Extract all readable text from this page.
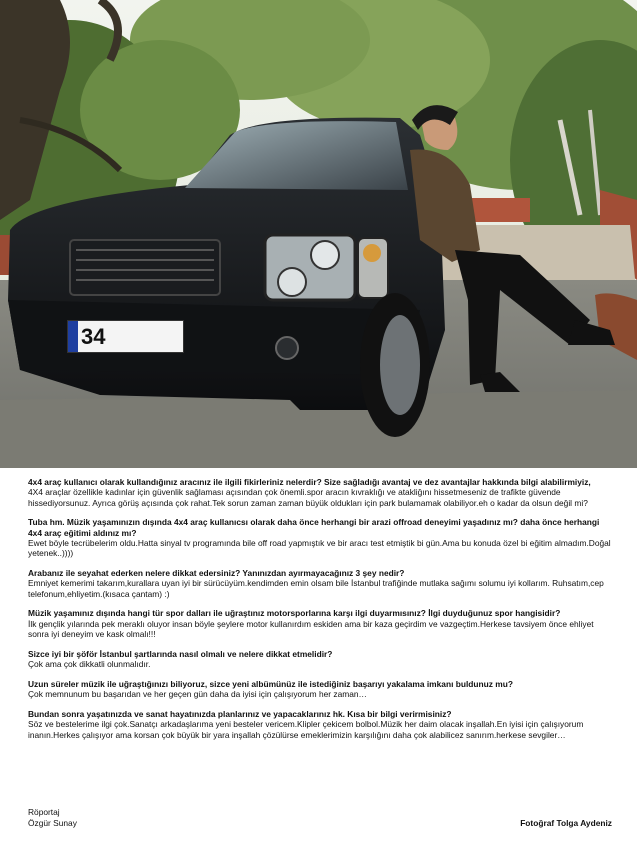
34

4x4 araç kullanıcı olarak kullandığınız aracınız ile ilgili fikirleriniz nelerdir? Size sağladığı avantaj ve dez avantajlar hakkında bilgi alabilirmiyiz,

4X4 araçlar özellikle kadınlar için güvenlik sağlaması açısından çok önemli.spor aracın kıvraklığı ve atakliğını hissetmeseniz de trafikte güvende hissediyorsunuz. Ayrıca görüş açısında çok rahat.Tek sorun zaman zaman büyük oldukları için park bulamamak olabiliyor.eh o kadar da olsun değil mi?

Tuba hm. Müzik yaşamınızın dışında 4x4 araç kullanıcsı olarak daha önce herhangi bir arazi offroad deneyimi yaşadınız mı? daha önce herhangi 4x4 araç eğitimi aldınız mı?

Ewet böyle tecrübelerim oldu.Hatta sinyal tv programında bile off road yapmıştık ve bir aracı test etmiştik bi gün.Ama bu konuda özel bi eğitim almadım.Doğal yetenek..))))

Arabanız ile seyahat ederken nelere dikkat edersiniz? Yanınızdan ayırmayacağınız 3 şey nedir?

Emniyet kemerimi takarım,kurallara uyan iyi bir sürücüyüm.kendimden emin olsam bile İstanbul trafiğinde mutlaka sağımı solumu iyi kollarım. Ruhsatım,cep telefonum,ehliyetim.(kısaca çantam) :)

Müzik yaşamınız dışında hangi tür spor dalları ile uğraştınız motorsporlarına karşı ilgi duyarmısınız? İlgi duyduğunuz spor hangisidir?

İlk gençlik yılarında pek meraklı oluyor insan böyle şeylere motor kullanırdım eskiden ama bir kaza geçirdim ve vazgeçtim.Herkese tavsiyem önce ehliyet sonra iyi deneyim ve kask olmalı!!!

Sizce iyi bir şöför İstanbul şartlarında nasıl olmalı ve nelere dikkat etmelidir?

Çok ama çok dikkatli olunmalıdır.

Uzun süreler müzik ile uğraştığınızı biliyoruz, sizce yeni albümünüz ile istediğiniz başarıyı yakalama imkanı buldunuz mu?

Çok memnunum bu başarıdan ve her geçen gün daha da iyisi için çalışıyorum her zaman…

Bundan sonra yaşatınızda ve sanat hayatınızda planlarınız ve yapacaklarınız hk. Kısa bir bilgi verirmisiniz?

Söz ve bestelerime ilgi çok.Sanatçı arkadaşlarıma yeni besteler vericem.Klipler çekicem bolbol.Müzik her daim olacak inşallah.En iyisi için çalışıyorum inanın.Herkes çalışıyor ama korsan çok büyük bir yara inşallah çözülürse emeklerimizin karşılığını daha çok alabilicez sanırım.herkese sevgiler…

Röportaj
Özgür Sunay	Fotoğraf Tolga Aydeniz
